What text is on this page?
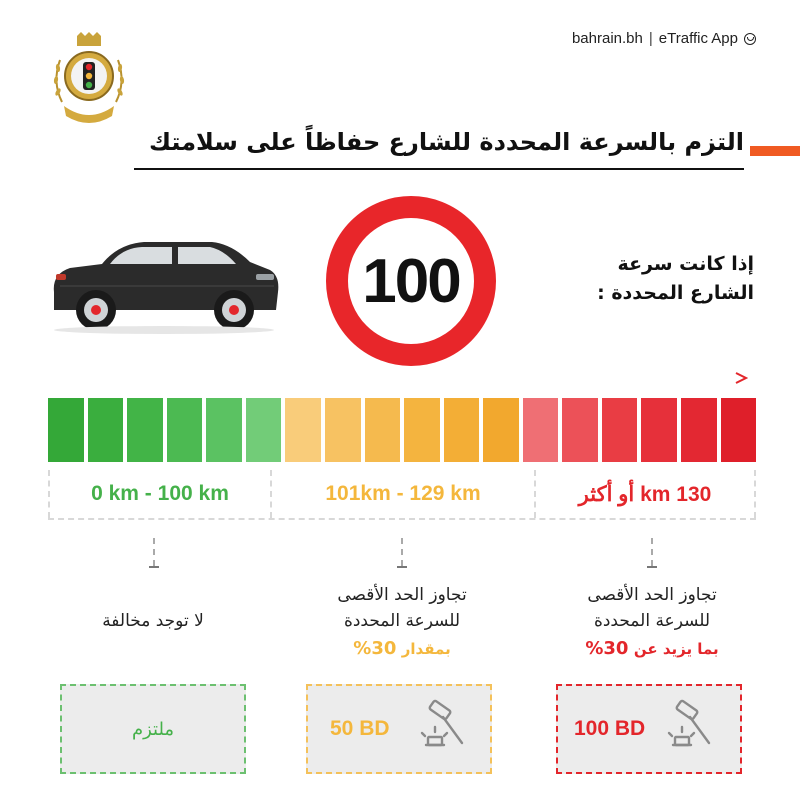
bahrain.bh | eTraffic App
التزم بالسرعة المحددة للشارع حفاظاً على سلامتك
100	إذا كانت سرعة
الشارع المحددة :
0 km - 100 km	101km - 129 km	130 km أو أكثر
لا توجد مخالفة
تجاوز الحد الأقصى
للسرعة المحددة
بمقدار 30%
تجاوز الحد الأقصى
للسرعة المحددة
بما يزيد عن 30%
ملتزم	50 BD	100 BD
